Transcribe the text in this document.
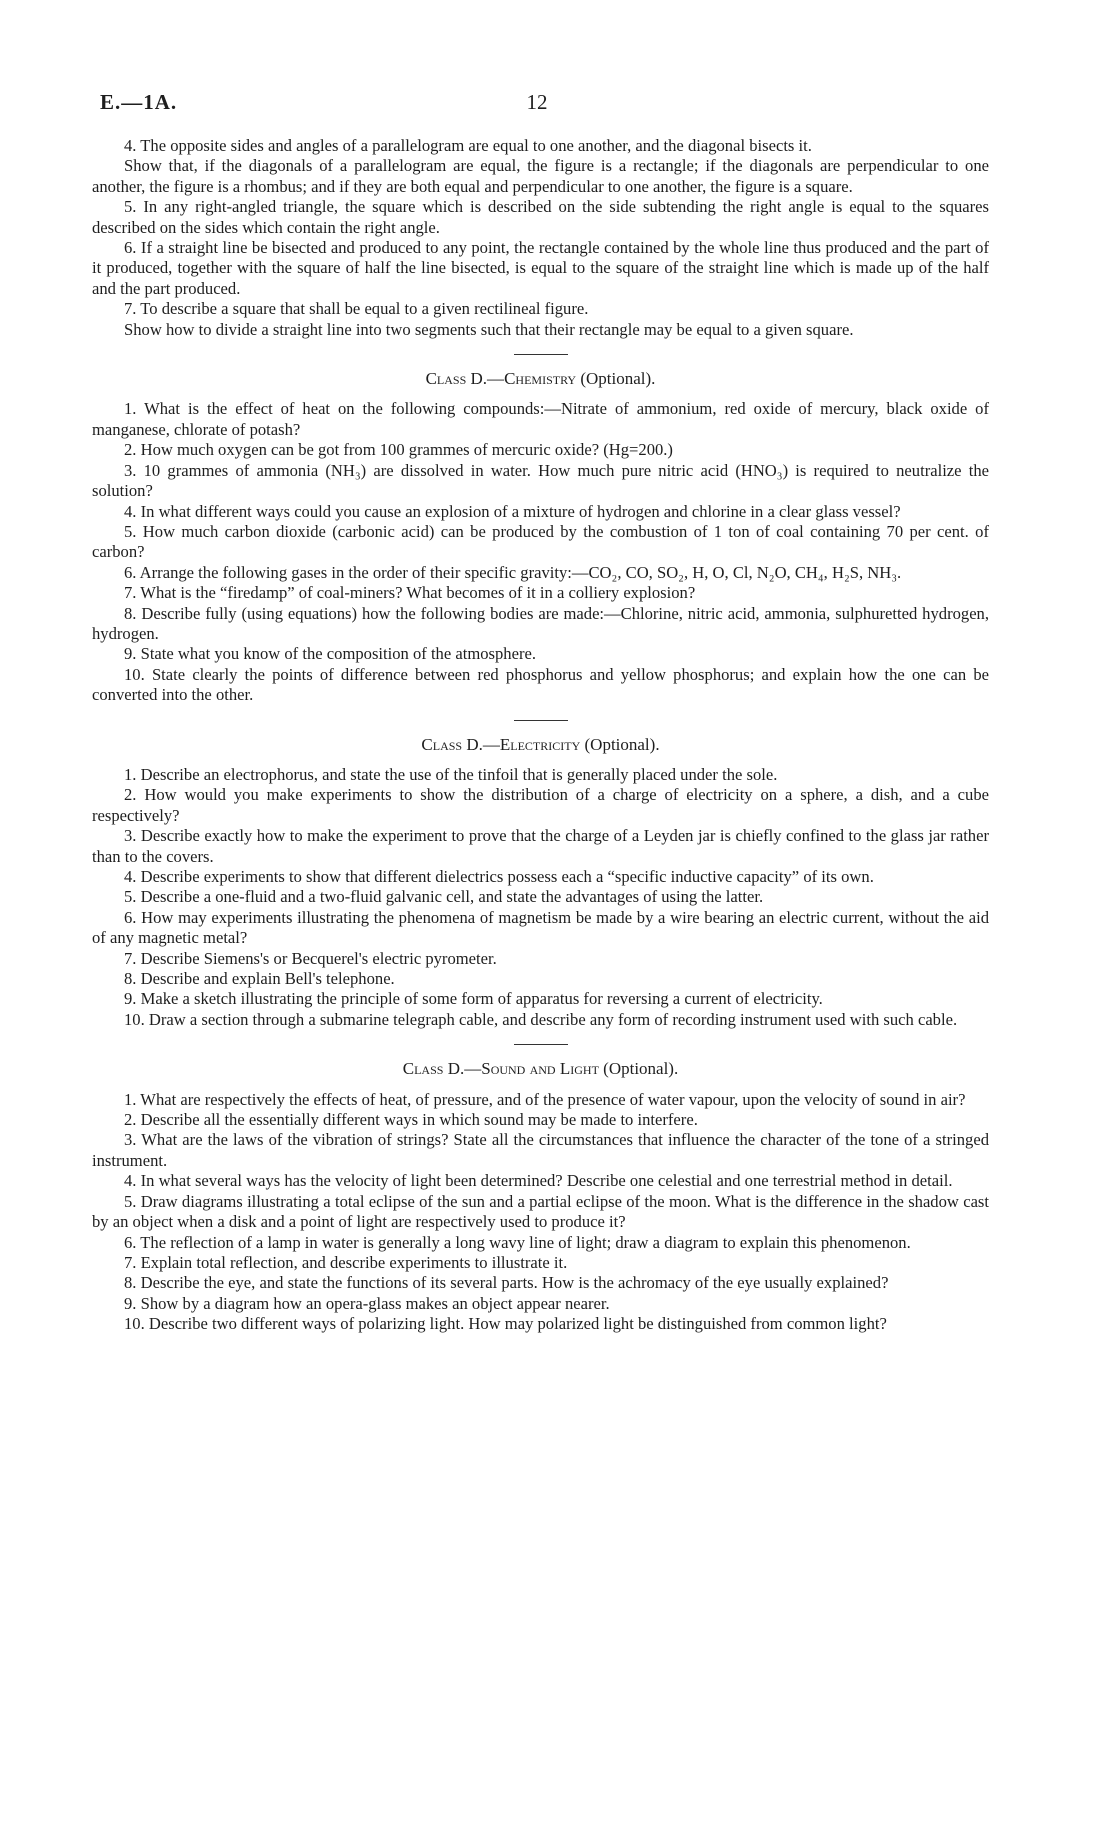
E.—1A.	12

4. The opposite sides and angles of a parallelogram are equal to one another, and the diagonal bisects it.

Show that, if the diagonals of a parallelogram are equal, the figure is a rectangle; if the diagonals are perpendicular to one another, the figure is a rhombus; and if they are both equal and perpendicular to one another, the figure is a square.

5. In any right-angled triangle, the square which is described on the side subtending the right angle is equal to the squares described on the sides which contain the right angle.

6. If a straight line be bisected and produced to any point, the rectangle contained by the whole line thus produced and the part of it produced, together with the square of half the line bisected, is equal to the square of the straight line which is made up of the half and the part produced.

7. To describe a square that shall be equal to a given rectilineal figure.

Show how to divide a straight line into two segments such that their rectangle may be equal to a given square.

Class D.—Chemistry (Optional).

1. What is the effect of heat on the following compounds:—Nitrate of ammonium, red oxide of mercury, black oxide of manganese, chlorate of potash?

2. How much oxygen can be got from 100 grammes of mercuric oxide? (Hg=200.)

3. 10 grammes of ammonia (NH₃) are dissolved in water. How much pure nitric acid (HNO₃) is required to neutralize the solution?

4. In what different ways could you cause an explosion of a mixture of hydrogen and chlorine in a clear glass vessel?

5. How much carbon dioxide (carbonic acid) can be produced by the combustion of 1 ton of coal containing 70 per cent. of carbon?

6. Arrange the following gases in the order of their specific gravity:—CO₂, CO, SO₂, H, O, Cl, N₂O, CH₄, H₂S, NH₃.

7. What is the “firedamp” of coal-miners? What becomes of it in a colliery explosion?

8. Describe fully (using equations) how the following bodies are made:—Chlorine, nitric acid, ammonia, sulphuretted hydrogen, hydrogen.

9. State what you know of the composition of the atmosphere.

10. State clearly the points of difference between red phosphorus and yellow phosphorus; and explain how the one can be converted into the other.

Class D.—Electricity (Optional).

1. Describe an electrophorus, and state the use of the tinfoil that is generally placed under the sole.

2. How would you make experiments to show the distribution of a charge of electricity on a sphere, a dish, and a cube respectively?

3. Describe exactly how to make the experiment to prove that the charge of a Leyden jar is chiefly confined to the glass jar rather than to the covers.

4. Describe experiments to show that different dielectrics possess each a “specific inductive capacity” of its own.

5. Describe a one-fluid and a two-fluid galvanic cell, and state the advantages of using the latter.

6. How may experiments illustrating the phenomena of magnetism be made by a wire bearing an electric current, without the aid of any magnetic metal?

7. Describe Siemens's or Becquerel's electric pyrometer.

8. Describe and explain Bell's telephone.

9. Make a sketch illustrating the principle of some form of apparatus for reversing a current of electricity.

10. Draw a section through a submarine telegraph cable, and describe any form of recording instrument used with such cable.

Class D.—Sound and Light (Optional).

1. What are respectively the effects of heat, of pressure, and of the presence of water vapour, upon the velocity of sound in air?

2. Describe all the essentially different ways in which sound may be made to interfere.

3. What are the laws of the vibration of strings? State all the circumstances that influence the character of the tone of a stringed instrument.

4. In what several ways has the velocity of light been determined? Describe one celestial and one terrestrial method in detail.

5. Draw diagrams illustrating a total eclipse of the sun and a partial eclipse of the moon. What is the difference in the shadow cast by an object when a disk and a point of light are respectively used to produce it?

6. The reflection of a lamp in water is generally a long wavy line of light; draw a diagram to explain this phenomenon.

7. Explain total reflection, and describe experiments to illustrate it.

8. Describe the eye, and state the functions of its several parts. How is the achromacy of the eye usually explained?

9. Show by a diagram how an opera-glass makes an object appear nearer.

10. Describe two different ways of polarizing light. How may polarized light be distinguished from common light?
